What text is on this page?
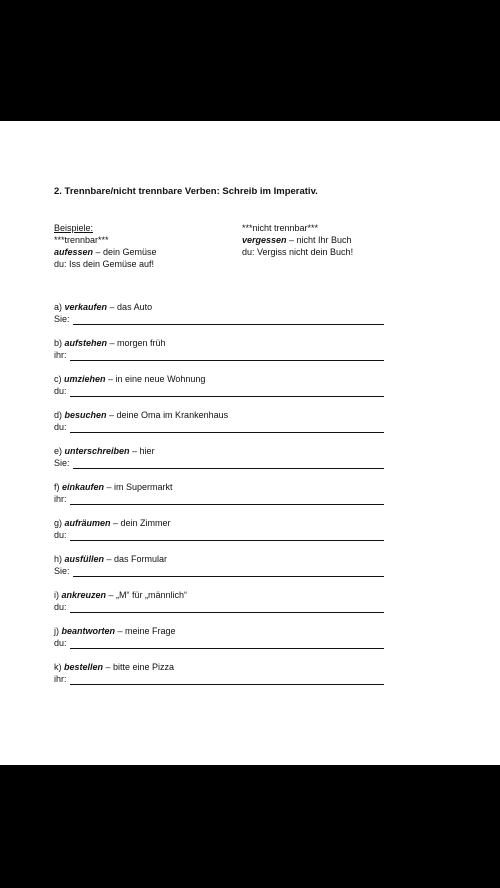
2. Trennbare/nicht trennbare Verben: Schreib im Imperativ.
Beispiele:
***trennbar***
aufessen – dein Gemüse
du: Iss dein Gemüse auf!
***nicht trennbar***
vergessen – nicht Ihr Buch
du: Vergiss nicht dein Buch!
a) verkaufen – das Auto
Sie:
b) aufstehen – morgen früh
ihr:
c) umziehen – in eine neue Wohnung
du:
d) besuchen – deine Oma im Krankenhaus
du:
e) unterschreiben – hier
Sie:
f) einkaufen – im Supermarkt
ihr:
g) aufräumen – dein Zimmer
du:
h) ausfüllen – das Formular
Sie:
i) ankreuzen – „M“ für „männlich“
du:
j) beantworten – meine Frage
du:
k) bestellen – bitte eine Pizza
ihr:
